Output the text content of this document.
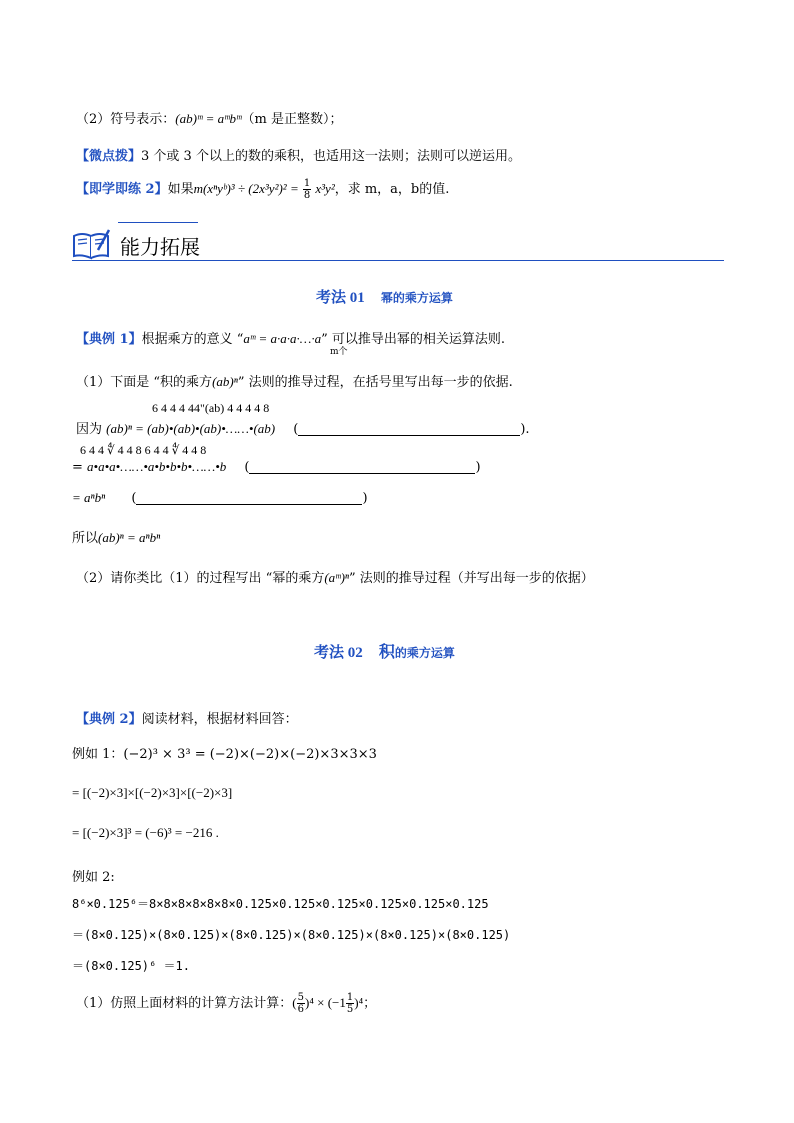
（2）符号表示：(ab)ᵐ = aᵐbᵐ（m 是正整数）；
【微点拨】3 个或 3 个以上的数的乘积，也适用这一法则；法则可以逆运用。
【即学即练 2】如果m(xⁿyᵇ)³ ÷ $(2x^3y^2)^2 = \frac{1}{8} x^3y^2$，求 m，a，b的值.
能力拓展
考法 01 幂的乘方运算
【典例 1】根据乘方的意义 “aᵐ = a·a·a·…·a” 可以推导出幂的相关运算法则.
m个
（1）下面是 “积的乘方(ab)ⁿ” 法则的推导过程，在括号里写出每一步的依据.
6 4 4 4 44"(ab) 4 4 4 4 8
因为 (ab)ⁿ = (ab)•(ab)•(ab)•……•(ab) (	).
6 4 4 ∜ 4 4 8 6 4 4 ∜ 4 4 8
= a•a•a•……•a•b•b•b•……•b (	)
= aⁿbⁿ (	)
所以(ab)ⁿ = aⁿbⁿ
（2）请你类比（1）的过程写出 “幂的乘方(aᵐ)ⁿ” 法则的推导过程（并写出每一步的依据）
考法 02 积的乘方运算
【典例 2】阅读材料，根据材料回答：
例如 1：(−2)³ × 3³ = (−2)×(−2)×(−2)×3×3×3
= [(−2)×3]×[(−2)×3]×[(−2)×3]
= [(−2)×3]³ = (−6)³ = −216 .
例如 2:
8⁶×0.125⁶＝8×8×8×8×8×8×0.125×0.125×0.125×0.125×0.125×0.125
＝(8×0.125)×(8×0.125)×(8×0.125)×(8×0.125)×(8×0.125)×(8×0.125)
＝(8×0.125)⁶ ＝1.
（1）仿照上面材料的计算方法计算：( $\frac{5}{6} )^4 \times (-1 \frac{1}{5} )^4$；
